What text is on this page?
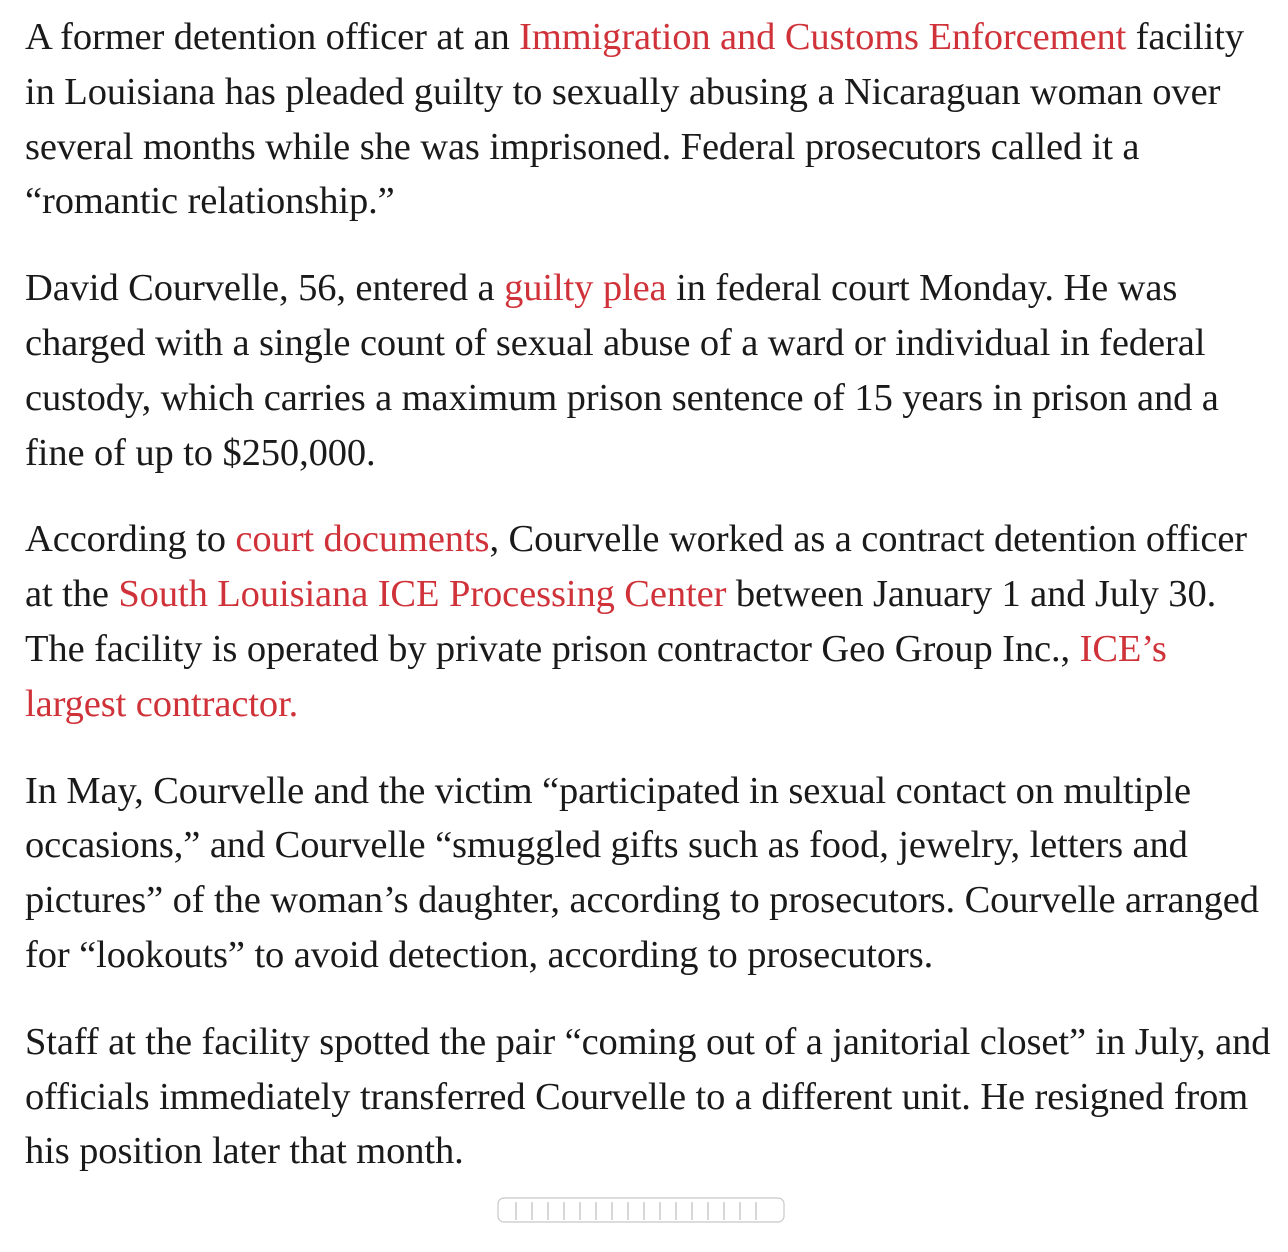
A former detention officer at an Immigration and Customs Enforcement facility in Louisiana has pleaded guilty to sexually abusing a Nicaraguan woman over several months while she was imprisoned. Federal prosecutors called it a “romantic relationship.”

David Courvelle, 56, entered a guilty plea in federal court Monday. He was charged with a single count of sexual abuse of a ward or individual in federal custody, which carries a maximum prison sentence of 15 years in prison and a fine of up to $250,000.

According to court documents, Courvelle worked as a contract detention officer at the South Louisiana ICE Processing Center between January 1 and July 30. The facility is operated by private prison contractor Geo Group Inc., ICE’s largest contractor.

In May, Courvelle and the victim “participated in sexual contact on multiple occasions,” and Courvelle “smuggled gifts such as food, jewelry, letters and pictures” of the woman’s daughter, according to prosecutors. Courvelle arranged for “lookouts” to avoid detection, according to prosecutors.

Staff at the facility spotted the pair “coming out of a janitorial closet” in July, and officials immediately transferred Courvelle to a different unit. He resigned from his position later that month.
